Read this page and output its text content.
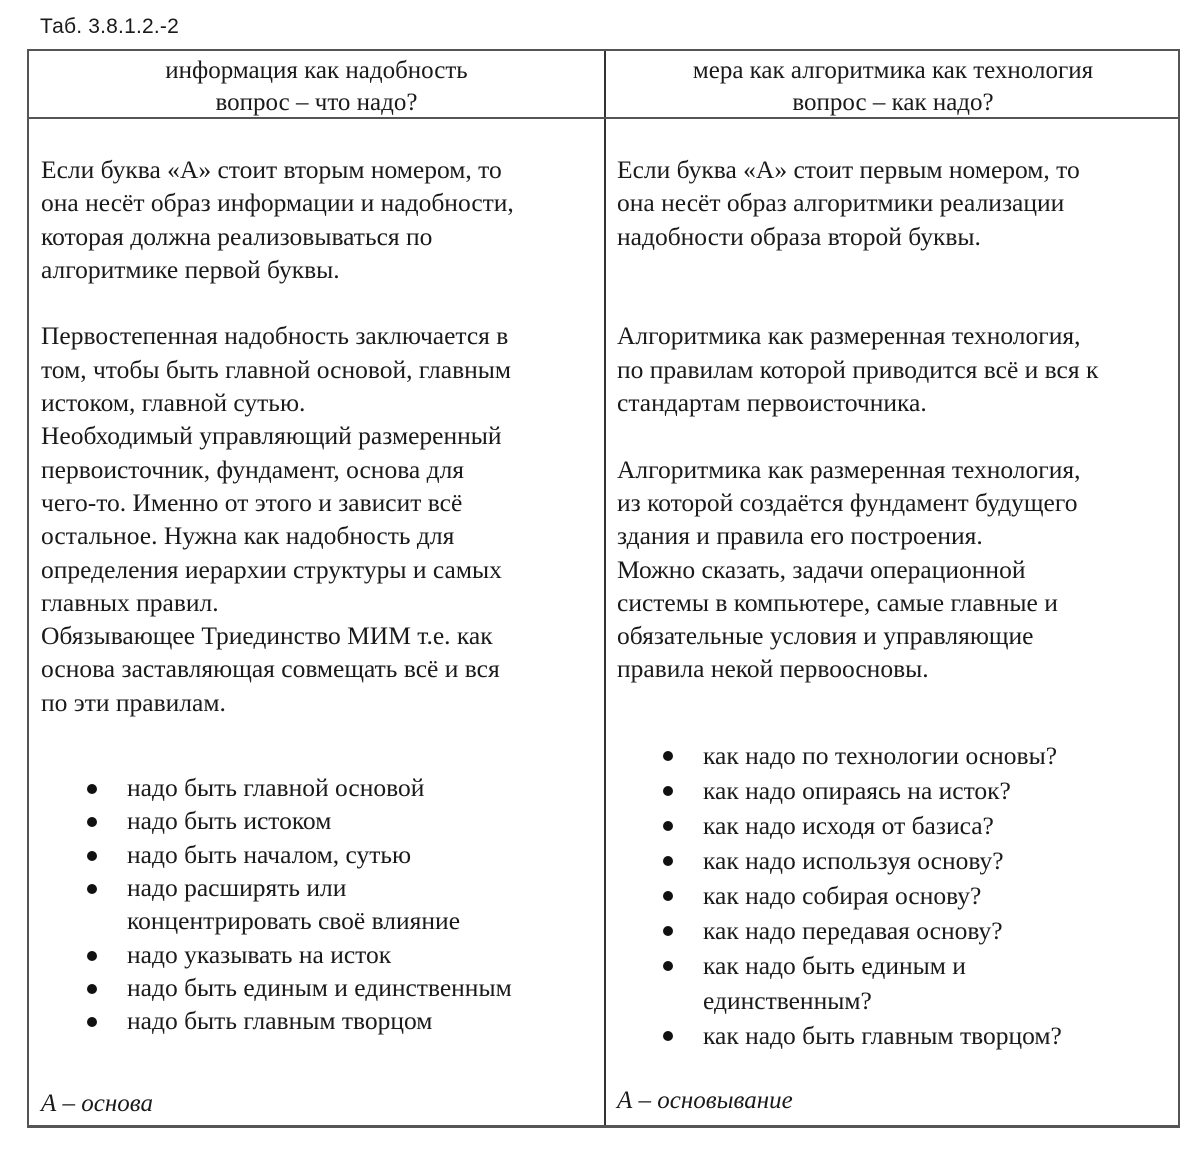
Таб. 3.8.1.2.-2
информация как надобность
вопрос – что надо?
мера как алгоритмика как технология
вопрос – как надо?
Если буква «А» стоит вторым номером, то
она несёт образ информации и надобности,
которая должна реализовываться по
алгоритмике первой буквы.
Первостепенная надобность заключается в
том, чтобы быть главной основой, главным
истоком, главной сутью.
Необходимый управляющий размеренный
первоисточник, фундамент, основа для
чего-то. Именно от этого и зависит всё
остальное. Нужна как надобность для
определения иерархии структуры и самых
главных правил.
Обязывающее Триединство МИМ т.е. как
основа заставляющая совмещать всё и вся
по эти правилам.
надо быть главной основой
надо быть истоком
надо быть началом, сутью
надо расширять или
концентрировать своё влияние
надо указывать на исток
надо быть единым и единственным
надо быть главным творцом
А – основа
Если буква «А» стоит первым номером, то
она несёт образ алгоритмики реализации
надобности образа второй буквы.
Алгоритмика как размеренная технология,
по правилам которой приводится всё и вся к
стандартам первоисточника.
Алгоритмика как размеренная технология,
из которой создаётся фундамент будущего
здания и правила его построения.
Можно сказать, задачи операционной
системы в компьютере, самые главные и
обязательные условия и управляющие
правила некой первоосновы.
как надо по технологии основы?
как надо опираясь на исток?
как надо исходя от базиса?
как надо используя основу?
как надо собирая основу?
как надо передавая основу?
как надо быть единым и
единственным?
как надо быть главным творцом?
А – основывание
